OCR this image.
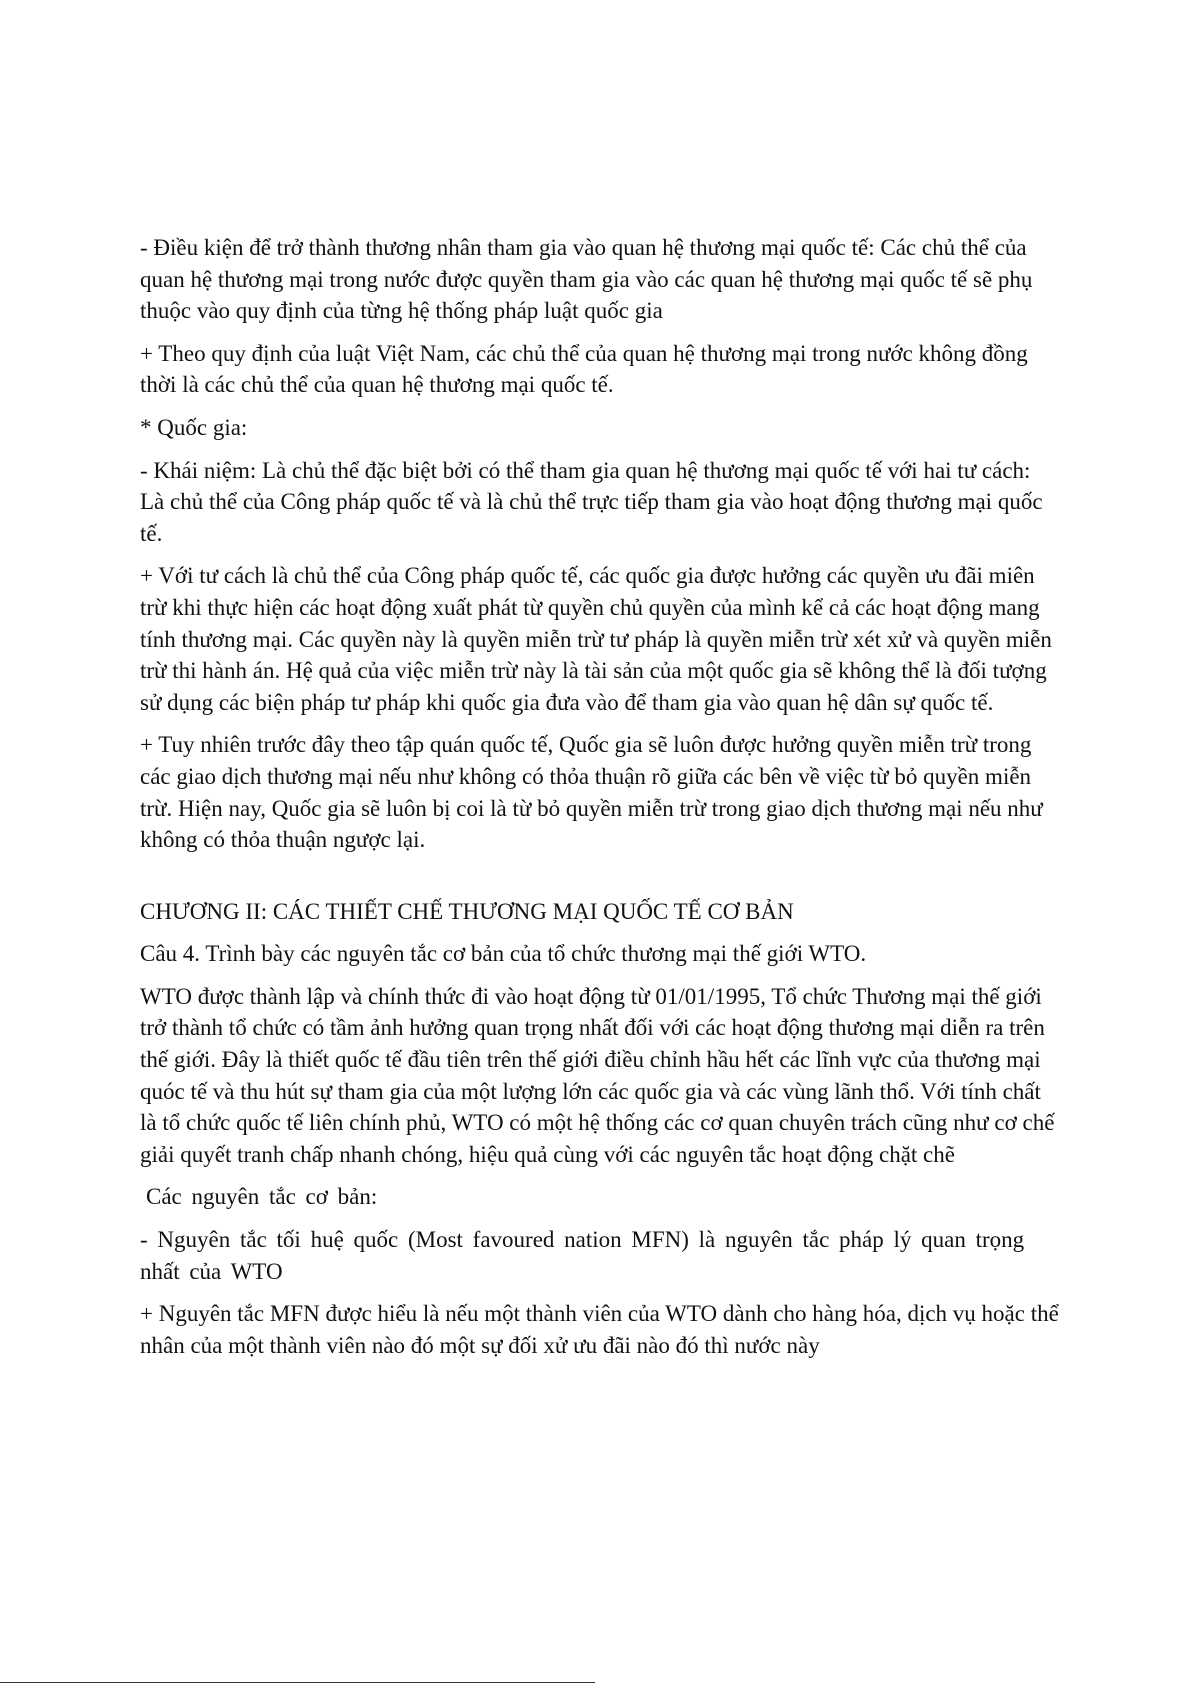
- Điều kiện để trở thành thương nhân tham gia vào quan hệ thương mại quốc tế: Các chủ thể của quan hệ thương mại trong nước được quyền tham gia vào các quan hệ thương mại quốc tế sẽ phụ thuộc vào quy định của từng hệ thống pháp luật quốc gia

+ Theo quy định của luật Việt Nam, các chủ thể của quan hệ thương mại trong nước không đồng thời là các chủ thể của quan hệ thương mại quốc tế.

* Quốc gia:

- Khái niệm: Là chủ thể đặc biệt bởi có thể tham gia quan hệ thương mại quốc tế với hai tư cách: Là chủ thể của Công pháp quốc tế và là chủ thể trực tiếp tham gia vào hoạt động thương mại quốc tế.

+ Với tư cách là chủ thể của Công pháp quốc tế, các quốc gia được hưởng các quyền ưu đãi miên trừ khi thực hiện các hoạt động xuất phát từ quyền chủ quyền của mình kể cả các hoạt động mang tính thương mại. Các quyền này là quyền miễn trừ tư pháp là quyền miễn trừ xét xử và quyền miễn trừ thi hành án. Hệ quả của việc miễn trừ này là tài sản của một quốc gia sẽ không thể là đối tượng sử dụng các biện pháp tư pháp khi quốc gia đưa vào để tham gia vào quan hệ dân sự quốc tế.

+ Tuy nhiên trước đây theo tập quán quốc tế, Quốc gia sẽ luôn được hưởng quyền miễn trừ trong các giao dịch thương mại nếu như không có thỏa thuận rõ giữa các bên về việc từ bỏ quyền miễn trừ. Hiện nay, Quốc gia sẽ luôn bị coi là từ bỏ quyền miễn trừ trong giao dịch thương mại nếu như không có thỏa thuận ngược lại.

CHƯƠNG II: CÁC THIẾT CHẾ THƯƠNG MẠI QUỐC TẾ CƠ BẢN

Câu 4. Trình bày các nguyên tắc cơ bản của tổ chức thương mại thế giới WTO.

WTO được thành lập và chính thức đi vào hoạt động từ 01/01/1995, Tổ chức Thương mại thế giới trở thành tổ chức có tầm ảnh hưởng quan trọng nhất đối với các hoạt động thương mại diễn ra trên thế giới. Đây là thiết quốc tế đầu tiên trên thế giới điều chỉnh hầu hết các lĩnh vực của thương mại quóc tế và thu hút sự tham gia của một lượng lớn các quốc gia và các vùng lãnh thổ. Với tính chất là tổ chức quốc tế liên chính phủ, WTO có một hệ thống các cơ quan chuyên trách cũng như cơ chế giải quyết tranh chấp nhanh chóng, hiệu quả cùng với các nguyên tắc hoạt động chặt chẽ

Các nguyên tắc cơ bản:

- Nguyên tắc tối huệ quốc (Most favoured nation MFN) là nguyên tắc pháp lý quan trọng nhất của WTO

+ Nguyên tắc MFN được hiểu là nếu một thành viên của WTO dành cho hàng hóa, dịch vụ hoặc thể nhân của một thành viên nào đó một sự đối xử ưu đãi nào đó thì nước này
